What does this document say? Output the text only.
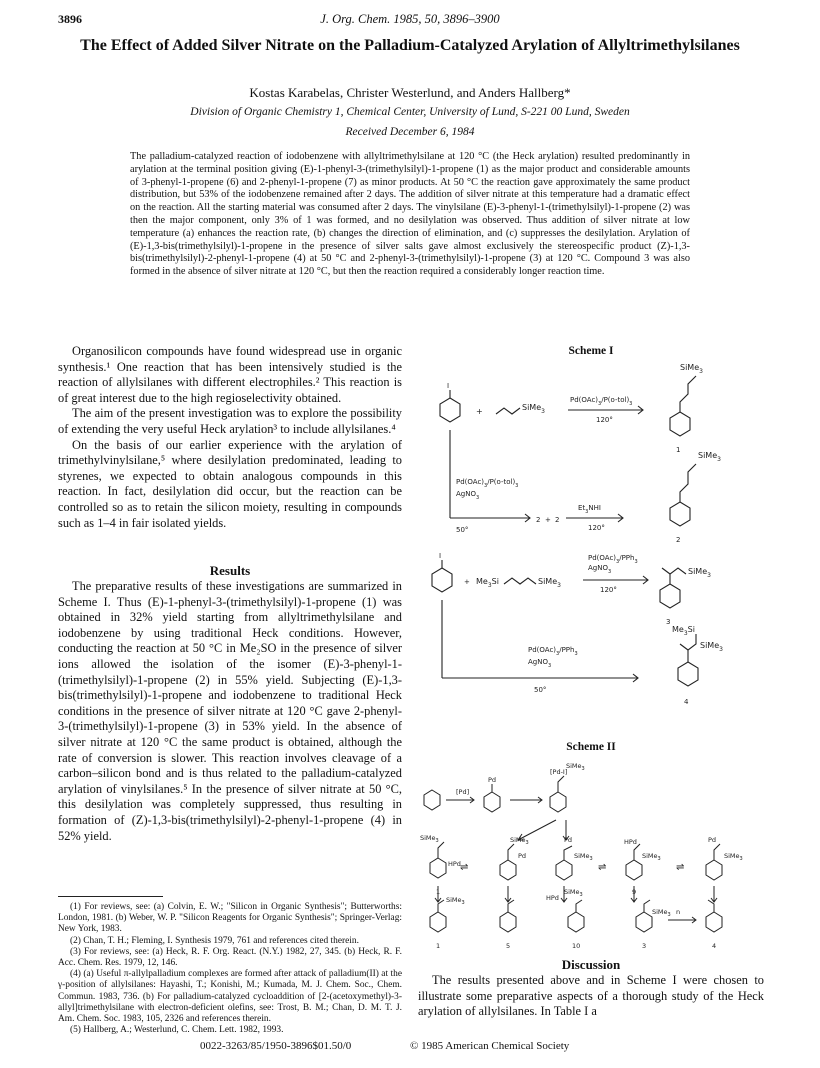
3896	J. Org. Chem. 1985, 50, 3896–3900
The Effect of Added Silver Nitrate on the Palladium-Catalyzed Arylation of Allyltrimethylsilanes
Kostas Karabelas, Christer Westerlund, and Anders Hallberg*
Division of Organic Chemistry 1, Chemical Center, University of Lund, S-221 00 Lund, Sweden
Received December 6, 1984
The palladium-catalyzed reaction of iodobenzene with allyltrimethylsilane at 120 °C (the Heck arylation) resulted predominantly in arylation at the terminal position giving (E)-1-phenyl-3-(trimethylsilyl)-1-propene (1) as the major product and considerable amounts of 3-phenyl-1-propene (6) and 2-phenyl-1-propene (7) as minor products. At 50 °C the reaction gave approximately the same product distribution, but 53% of the iodobenzene remained after 2 days. The addition of silver nitrate at this temperature had a dramatic effect on the reaction. All the starting material was consumed after 2 days. The vinylsilane (E)-3-phenyl-1-(trimethylsilyl)-1-propene (2) was then the major component, only 3% of 1 was formed, and no desilylation was observed. Thus addition of silver nitrate at low temperature (a) enhances the reaction rate, (b) changes the direction of elimination, and (c) suppresses the desilylation. Arylation of (E)-1,3-bis(trimethylsilyl)-1-propene in the presence of silver salts gave almost exclusively the stereospecific product (Z)-1,3-bis(trimethylsilyl)-2-phenyl-1-propene (4) at 50 °C and 2-phenyl-3-(trimethylsilyl)-1-propene (3) at 120 °C. Compound 3 was also formed in the absence of silver nitrate at 120 °C, but then the reaction required a considerably longer reaction time.

Organosilicon compounds have found widespread use in organic synthesis.¹ One reaction that has been intensively studied is the reaction of allylsilanes with different electrophiles.² This reaction is of great interest due to the high regioselectivity obtained.

The aim of the present investigation was to explore the possibility of extending the very useful Heck arylation³ to include allylsilanes.⁴

On the basis of our earlier experience with the arylation of trimethylvinylsilane,⁵ where desilylation predominated, leading to styrenes, we expected to obtain analogous compounds in this reaction. In fact, desilylation did occur, but the reaction can be controlled so as to retain the silicon moiety, resulting in compounds such as 1–4 in fair isolated yields.

Results

The preparative results of these investigations are summarized in Scheme I. Thus (E)-1-phenyl-3-(trimethylsilyl)-1-propene (1) was obtained in 32% yield starting from allyltrimethylsilane and iodobenzene by using traditional Heck conditions. However, conducting the reaction at 50 °C in Me₂SO in the presence of silver ions allowed the isolation of the isomer (E)-3-phenyl-1-(trimethylsilyl)-1-propene (2) in 55% yield. Subjecting (E)-1,3-bis(trimethylsilyl)-1-propene and iodobenzene to traditional Heck conditions in the presence of silver nitrate at 120 °C gave 2-phenyl-3-(trimethylsilyl)-1-propene (3) in 53% yield. In the absence of silver nitrate at 120 °C the same product is obtained, although the rate of conversion is slower. This reaction involves cleavage of a carbon–silicon bond and is thus related to the palladium-catalyzed arylation of vinylsilanes.⁵ In the presence of silver nitrate at 50 °C, this desilylation was completely suppressed, thus resulting in formation of (Z)-1,3-bis(trimethylsilyl)-2-phenyl-1-propene (4) in 52% yield.

(1) For reviews, see: (a) Colvin, E. W.; "Silicon in Organic Synthesis"; Butterworths: London, 1981. (b) Weber, W. P. "Silicon Reagents for Organic Synthesis"; Springer-Verlag: New York, 1983.
(2) Chan, T. H.; Fleming, I. Synthesis 1979, 761 and references cited therein.
(3) For reviews, see: (a) Heck, R. F. Org. React. (N.Y.) 1982, 27, 345. (b) Heck, R. F. Acc. Chem. Res. 1979, 12, 146.
(4) (a) Useful π-allylpalladium complexes are formed after attack of palladium(II) at the γ-position of allylsilanes: Hayashi, T.; Konishi, M.; Kumada, M. J. Chem. Soc., Chem. Commun. 1983, 736. (b) For palladium-catalyzed cycloaddition of [2-(acetoxymethyl)-3-allyl]trimethylsilane with electron-deficient olefins, see: Trost, B. M.; Chan, D. M. T. J. Am. Chem. Soc. 1983, 105, 2326 and references therein.
(5) Hallberg, A.; Westerlund, C. Chem. Lett. 1982, 1993.
Scheme I
SiMe$_3$
I
+	SiMe$_3$
$Pd(OAc)_3/P(o-tol)_3$
120°
1
SiMe$_3$
$Pd(OAc)_3/P(o-tol)_3$
AgNO$_3$
50°
2 + 2
$Et_3NHI$
120°
2
I
+ $Me_3Si$	SiMe$_3$
$Pd(OAc)_3/PPh_3$
AgNO$_3$
120°
SiMe$_3$
3
$Pd(OAc)_3/PPh_3$
AgNO$_3$
50°
$Me_3Si$
SiMe$_3$
4
Scheme II
[Pd]
Pd
[Pd-I]
SiMe$_3$
SiMe$_3$
HPd ⇌
SiMe$_3$
Pd
Pd
SiMe$_3$
⇌
HPd
SiMe$_3$
⇌
Pd
SiMe$_3$
1	9
SiMe$_3$
HPd
SiMe$_3$
SiMe$_3$ n
1	5	10	3	4
Discussion

The results presented above and in Scheme I were chosen to illustrate some preparative aspects of a thorough study of the Heck arylation of allylsilanes. In Table I a

0022-3263/85/1950-3896$01.50/0	© 1985 American Chemical Society
